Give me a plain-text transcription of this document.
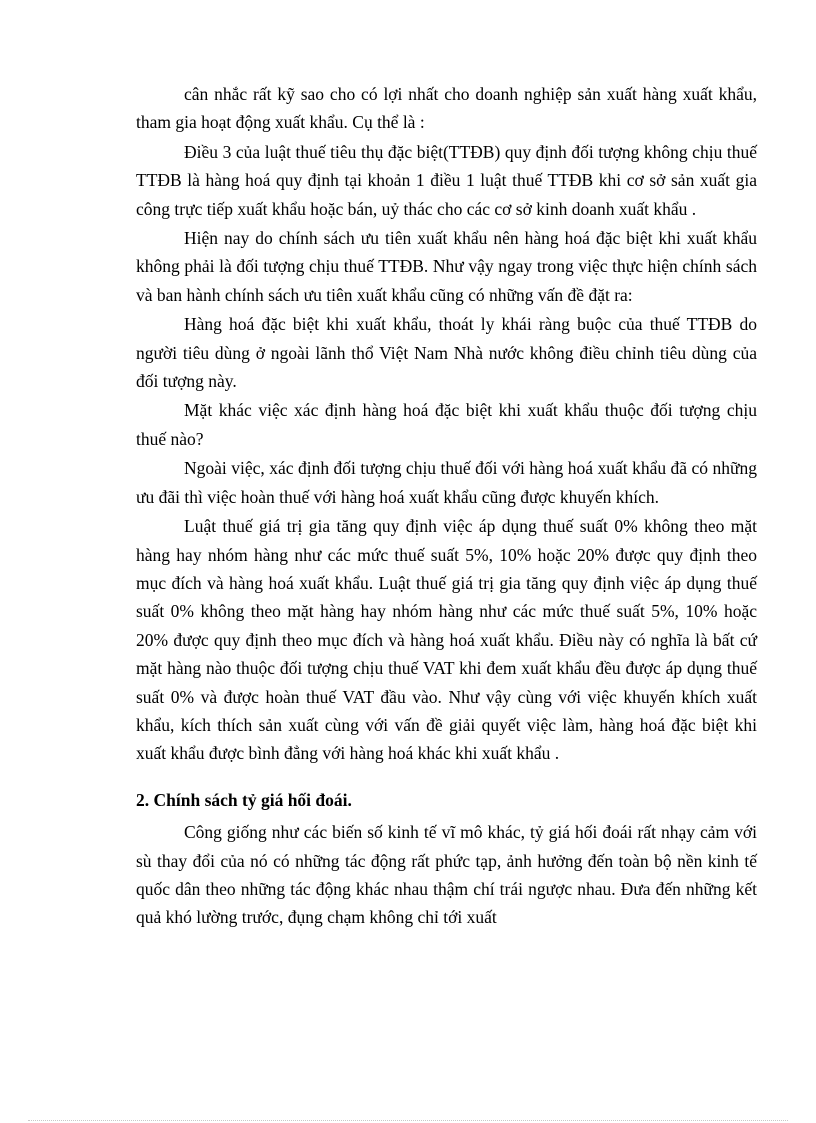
cân nhắc rất kỹ sao cho có lợi nhất cho doanh nghiệp sản xuất hàng xuất khẩu, tham gia hoạt động xuất khẩu. Cụ thể là :

Điều 3 của luật thuế tiêu thụ đặc biệt(TTĐB) quy định đối tượng không chịu thuế TTĐB là hàng hoá quy định tại khoản 1 điều 1 luật thuế TTĐB khi cơ sở sản xuất gia công trực tiếp xuất khẩu hoặc bán, uỷ thác cho các cơ sở kinh doanh xuất khẩu .

Hiện nay do chính sách ưu tiên xuất khẩu nên hàng hoá đặc biệt khi xuất khẩu không phải là đối tượng chịu thuế TTĐB. Như vậy ngay trong việc thực hiện chính sách và ban hành chính sách ưu tiên xuất khẩu cũng có những vấn đề đặt ra:

Hàng hoá đặc biệt khi xuất khẩu, thoát ly khái ràng buộc của thuế TTĐB do người tiêu dùng ở ngoài lãnh thổ Việt Nam Nhà nước không điều chỉnh tiêu dùng của đối tượng này.

Mặt khác việc xác định hàng hoá đặc biệt khi xuất khẩu thuộc đối tượng chịu thuế nào?

Ngoài việc, xác định đối tượng chịu thuế đối với hàng hoá xuất khẩu đã có những ưu đãi thì việc hoàn thuế với hàng hoá xuất khẩu cũng được khuyến khích.

Luật thuế giá trị gia tăng quy định việc áp dụng thuế suất 0% không theo mặt hàng hay nhóm hàng như các mức thuế suất 5%, 10% hoặc 20% được quy định theo mục đích và hàng hoá xuất khẩu. Luật thuế giá trị gia tăng quy định việc áp dụng thuế suất 0% không theo mặt hàng hay nhóm hàng như các mức thuế suất 5%, 10% hoặc 20% được quy định theo mục đích và hàng hoá xuất khẩu. Điều này có nghĩa là bất cứ mặt hàng nào thuộc đối tượng chịu thuế VAT khi đem xuất khẩu đều được áp dụng thuế suất 0% và được hoàn thuế VAT đầu vào. Như vậy cùng với việc khuyến khích xuất khẩu, kích thích sản xuất cùng với vấn đề giải quyết việc làm, hàng hoá đặc biệt khi xuất khẩu được bình đẳng với hàng hoá khác khi xuất khẩu .

2. Chính sách tỷ giá hối đoái.

Công giống như các biến số kinh tế vĩ mô khác, tỷ giá hối đoái rất nhạy cảm với sù thay đổi của nó có những tác động rất phức tạp, ảnh hưởng đến toàn bộ nền kinh tế quốc dân theo những tác động khác nhau thậm chí trái ngược nhau. Đưa đến những kết quả khó lường trước, đụng chạm không chỉ tới xuất
